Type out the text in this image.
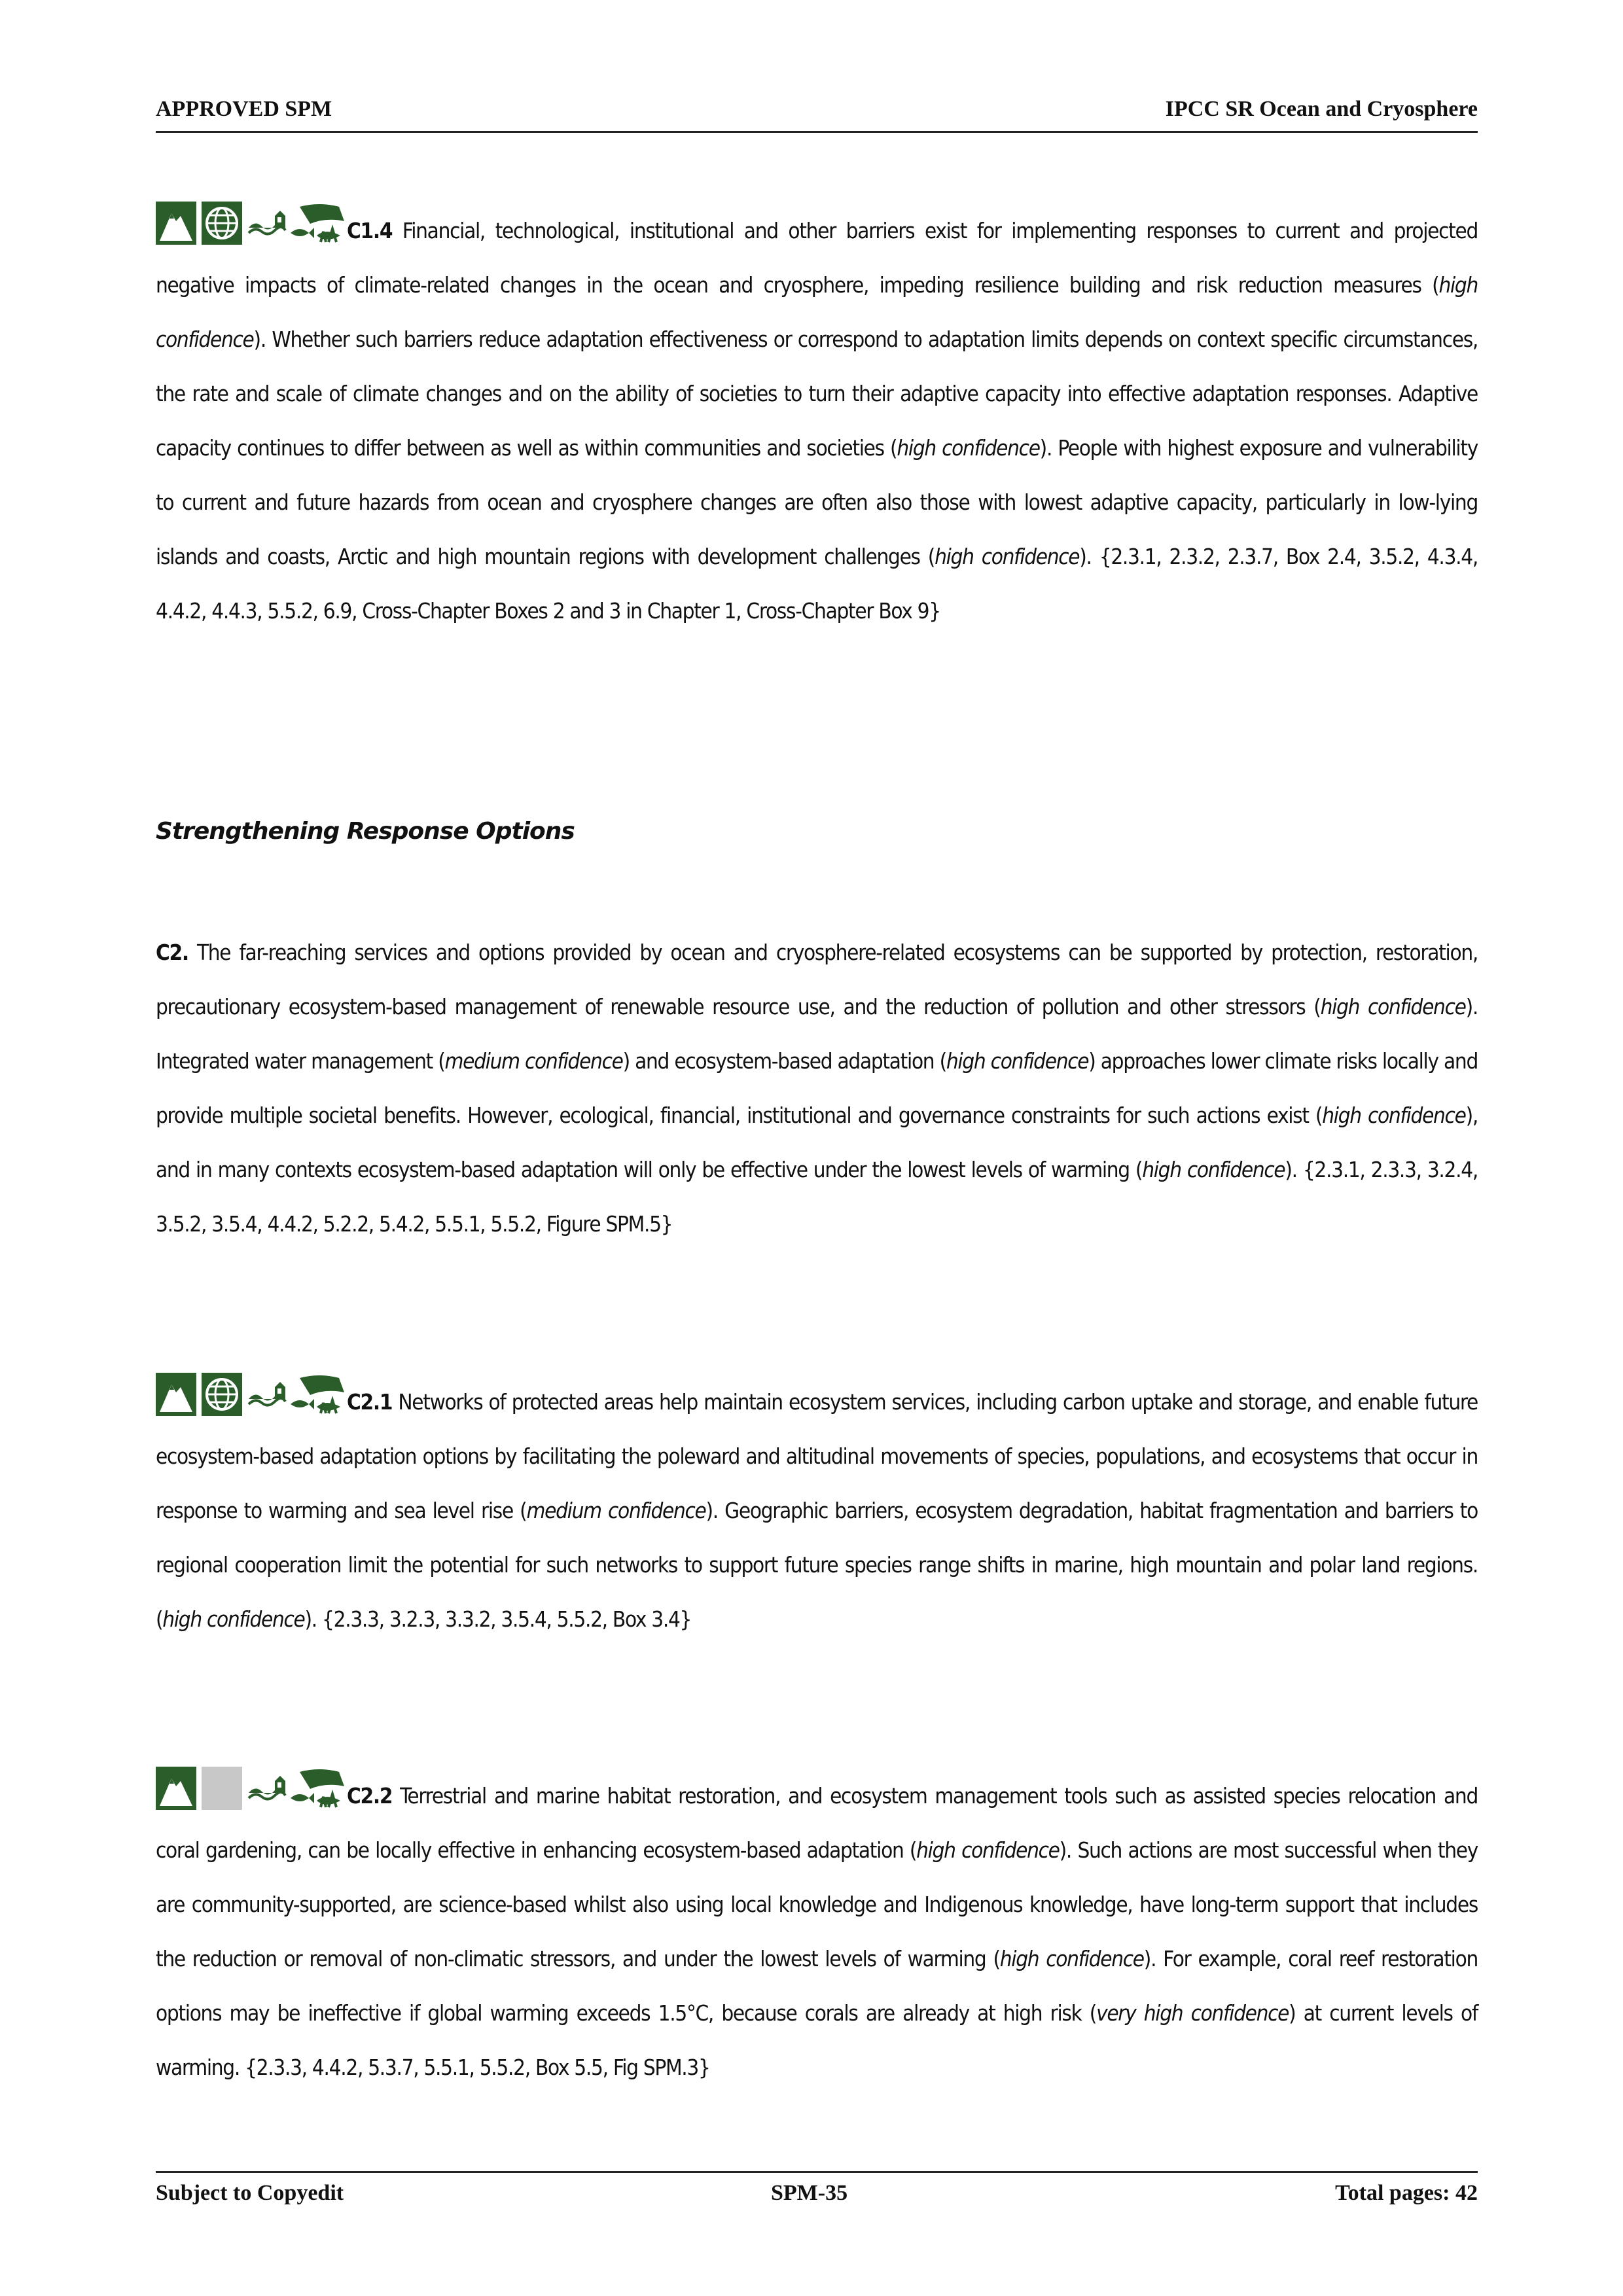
APPROVED SPM	IPCC SR Ocean and Cryosphere
C1.4 Financial, technological, institutional and other barriers exist for implementing responses to current and projected negative impacts of climate-related changes in the ocean and cryosphere, impeding resilience building and risk reduction measures (high confidence). Whether such barriers reduce adaptation effectiveness or correspond to adaptation limits depends on context specific circumstances, the rate and scale of climate changes and on the ability of societies to turn their adaptive capacity into effective adaptation responses. Adaptive capacity continues to differ between as well as within communities and societies (high confidence). People with highest exposure and vulnerability to current and future hazards from ocean and cryosphere changes are often also those with lowest adaptive capacity, particularly in low-lying islands and coasts, Arctic and high mountain regions with development challenges (high confidence). {2.3.1, 2.3.2, 2.3.7, Box 2.4, 3.5.2, 4.3.4, 4.4.2, 4.4.3, 5.5.2, 6.9, Cross-Chapter Boxes 2 and 3 in Chapter 1, Cross-Chapter Box 9}
Strengthening Response Options
C2. The far-reaching services and options provided by ocean and cryosphere-related ecosystems can be supported by protection, restoration, precautionary ecosystem-based management of renewable resource use, and the reduction of pollution and other stressors (high confidence). Integrated water management (medium confidence) and ecosystem-based adaptation (high confidence) approaches lower climate risks locally and provide multiple societal benefits. However, ecological, financial, institutional and governance constraints for such actions exist (high confidence), and in many contexts ecosystem-based adaptation will only be effective under the lowest levels of warming (high confidence). {2.3.1, 2.3.3, 3.2.4, 3.5.2, 3.5.4, 4.4.2, 5.2.2, 5.4.2, 5.5.1, 5.5.2, Figure SPM.5}
C2.1 Networks of protected areas help maintain ecosystem services, including carbon uptake and storage, and enable future ecosystem-based adaptation options by facilitating the poleward and altitudinal movements of species, populations, and ecosystems that occur in response to warming and sea level rise (medium confidence). Geographic barriers, ecosystem degradation, habitat fragmentation and barriers to regional cooperation limit the potential for such networks to support future species range shifts in marine, high mountain and polar land regions. (high confidence). {2.3.3, 3.2.3, 3.3.2, 3.5.4, 5.5.2, Box 3.4}
C2.2 Terrestrial and marine habitat restoration, and ecosystem management tools such as assisted species relocation and coral gardening, can be locally effective in enhancing ecosystem-based adaptation (high confidence). Such actions are most successful when they are community-supported, are science-based whilst also using local knowledge and Indigenous knowledge, have long-term support that includes the reduction or removal of non-climatic stressors, and under the lowest levels of warming (high confidence). For example, coral reef restoration options may be ineffective if global warming exceeds 1.5°C, because corals are already at high risk (very high confidence) at current levels of warming. {2.3.3, 4.4.2, 5.3.7, 5.5.1, 5.5.2, Box 5.5, Fig SPM.3}
Subject to Copyedit	SPM-35	Total pages: 42
